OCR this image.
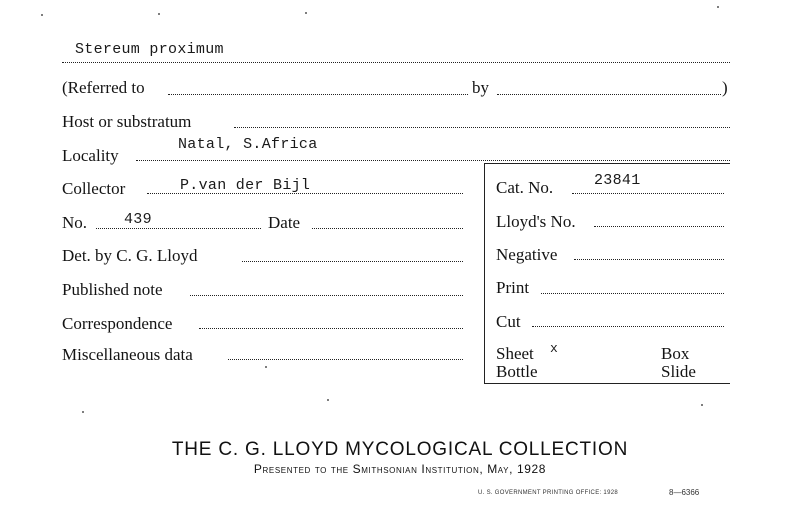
Stereum proximum
(Referred to	by	)
Host or substratum
Locality
Natal, S.Africa
Collector	P.van der Bijl	Cat. No.	23841
No. 439	Date	Lloyd's No.
Det. by C. G. Lloyd	Negative
Published note	Print
Correspondence	Cut
Miscellaneous data	Sheet x	Box
Bottle	Slide
THE C. G. LLOYD MYCOLOGICAL COLLECTION
Presented to the Smithsonian Institution, May, 1928
U. S. GOVERNMENT PRINTING OFFICE: 1928	8—6366
